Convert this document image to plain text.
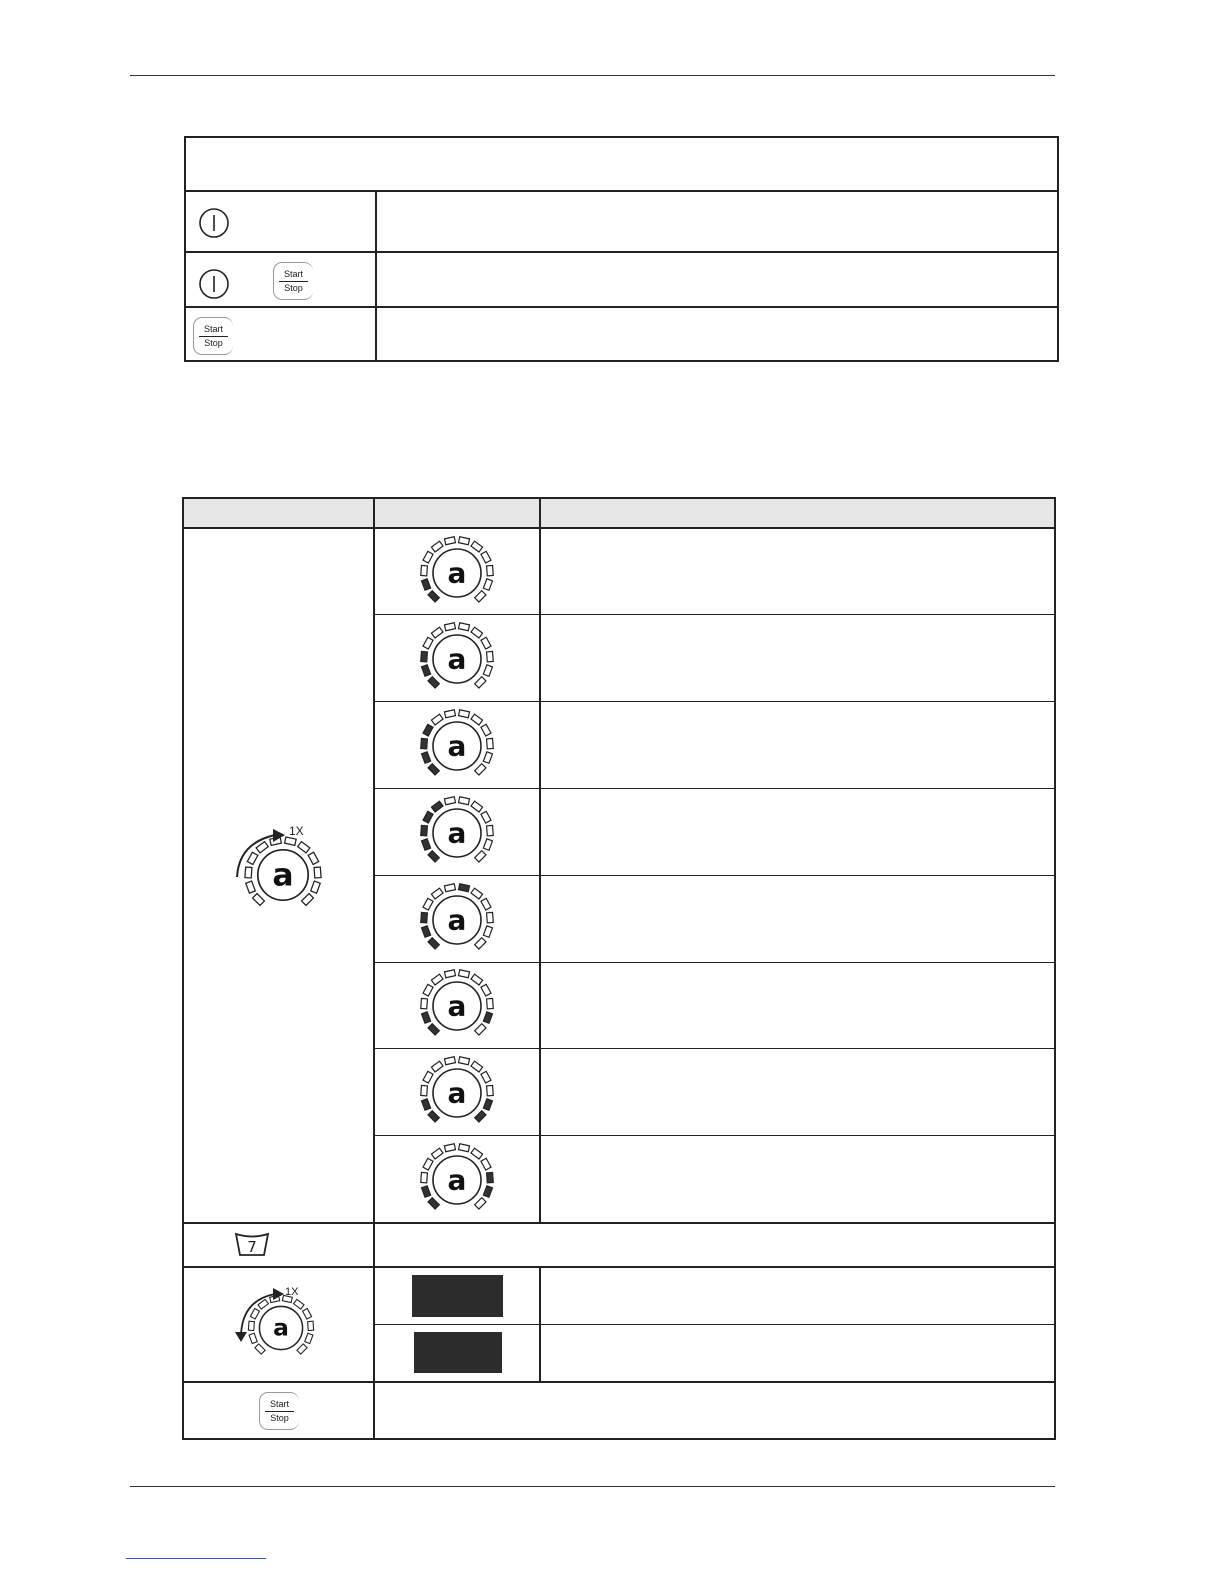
Start
Stop
Start
Stop
a
a
a
a
a
a
a
a
a
1X
7
a
1X
Start
Stop
